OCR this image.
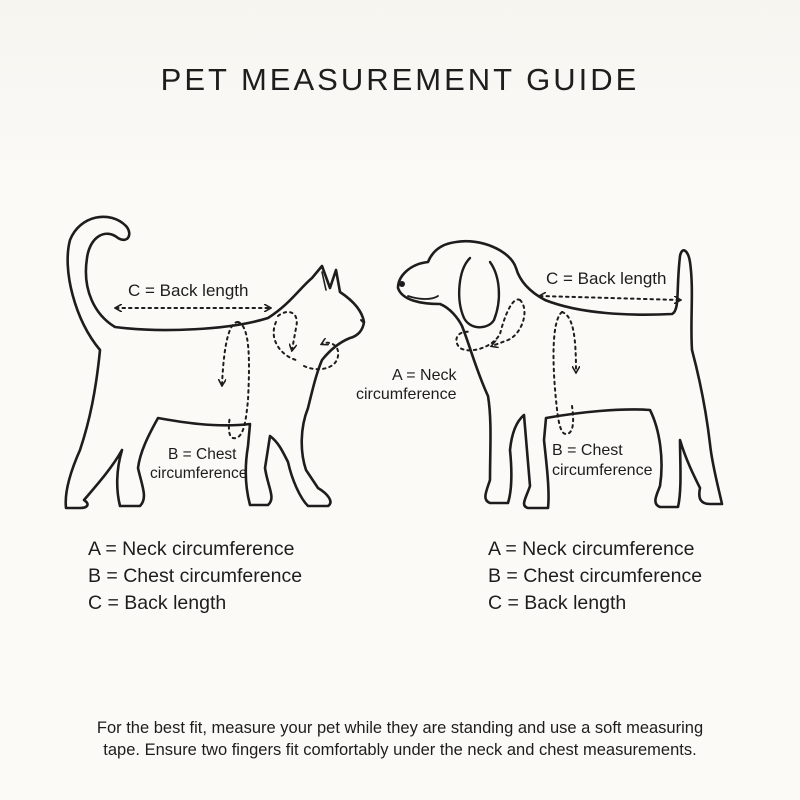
PET MEASUREMENT GUIDE
C = Back length
B = Chest
circumference
C = Back length
A = Neck
circumference
B = Chest
circumference
A = Neck circumference
B = Chest circumference
C = Back length
A = Neck circumference
B = Chest circumference
C = Back length

For the best fit, measure your pet while they are standing and use a soft measuring
tape. Ensure two fingers fit comfortably under the neck and chest measurements.
